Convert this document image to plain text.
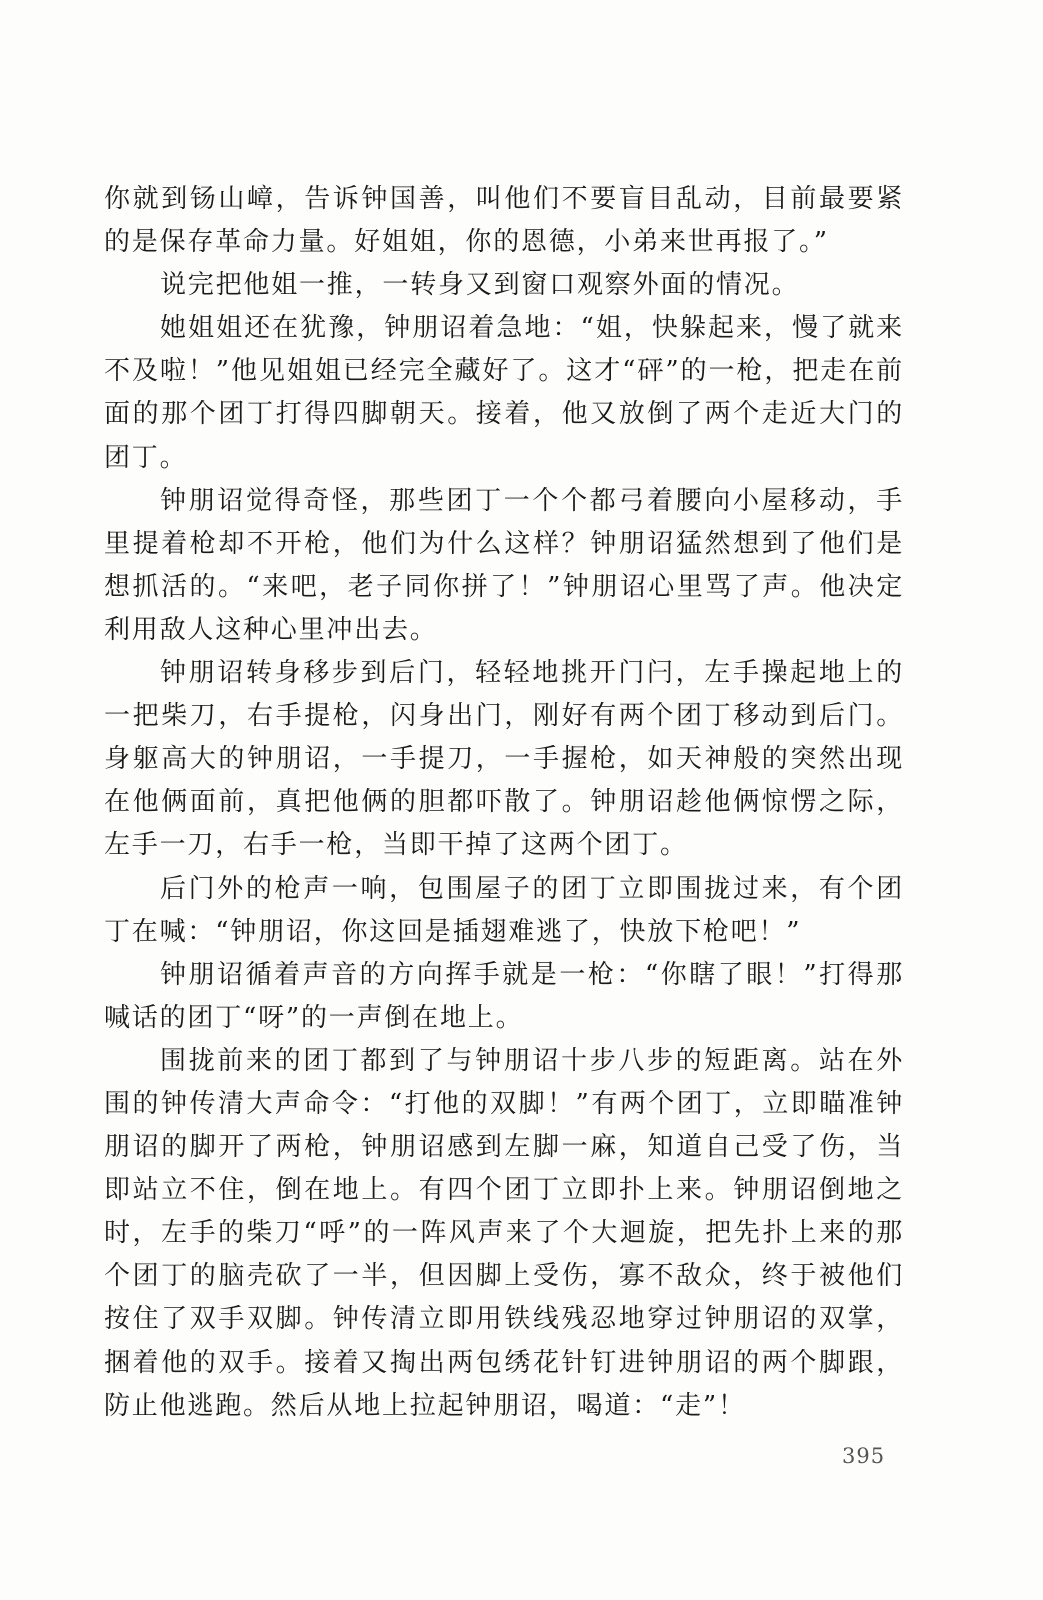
你就到钖山嶂，告诉钟国善，叫他们不要盲目乱动，目前最要紧的是保存革命力量。好姐姐，你的恩德，小弟来世再报了。”

说完把他姐一推，一转身又到窗口观察外面的情况。

她姐姐还在犹豫，钟朋诏着急地：“姐，快躲起来，慢了就来不及啦！”他见姐姐已经完全藏好了。这才“砰”的一枪，把走在前面的那个团丁打得四脚朝天。接着，他又放倒了两个走近大门的团丁。

钟朋诏觉得奇怪，那些团丁一个个都弓着腰向小屋移动，手里提着枪却不开枪，他们为什么这样？钟朋诏猛然想到了他们是想抓活的。“来吧，老子同你拼了！”钟朋诏心里骂了声。他决定利用敌人这种心里冲出去。

钟朋诏转身移步到后门，轻轻地挑开门闩，左手操起地上的一把柴刀，右手提枪，闪身出门，刚好有两个团丁移动到后门。身躯高大的钟朋诏，一手提刀，一手握枪，如天神般的突然出现在他俩面前，真把他俩的胆都吓散了。钟朋诏趁他俩惊愣之际，左手一刀，右手一枪，当即干掉了这两个团丁。

后门外的枪声一响，包围屋子的团丁立即围拢过来，有个团丁在喊：“钟朋诏，你这回是插翅难逃了，快放下枪吧！”

钟朋诏循着声音的方向挥手就是一枪：“你瞎了眼！”打得那喊话的团丁“呀”的一声倒在地上。

围拢前来的团丁都到了与钟朋诏十步八步的短距离。站在外围的钟传清大声命令：“打他的双脚！”有两个团丁，立即瞄准钟朋诏的脚开了两枪，钟朋诏感到左脚一麻，知道自己受了伤，当即站立不住，倒在地上。有四个团丁立即扑上来。钟朋诏倒地之时，左手的柴刀“呼”的一阵风声来了个大迴旋，把先扑上来的那个团丁的脑壳砍了一半，但因脚上受伤，寡不敌众，终于被他们按住了双手双脚。钟传清立即用铁线残忍地穿过钟朋诏的双掌，捆着他的双手。接着又掏出两包绣花针钉进钟朋诏的两个脚跟，防止他逃跑。然后从地上拉起钟朋诏，喝道：“走”！

395
